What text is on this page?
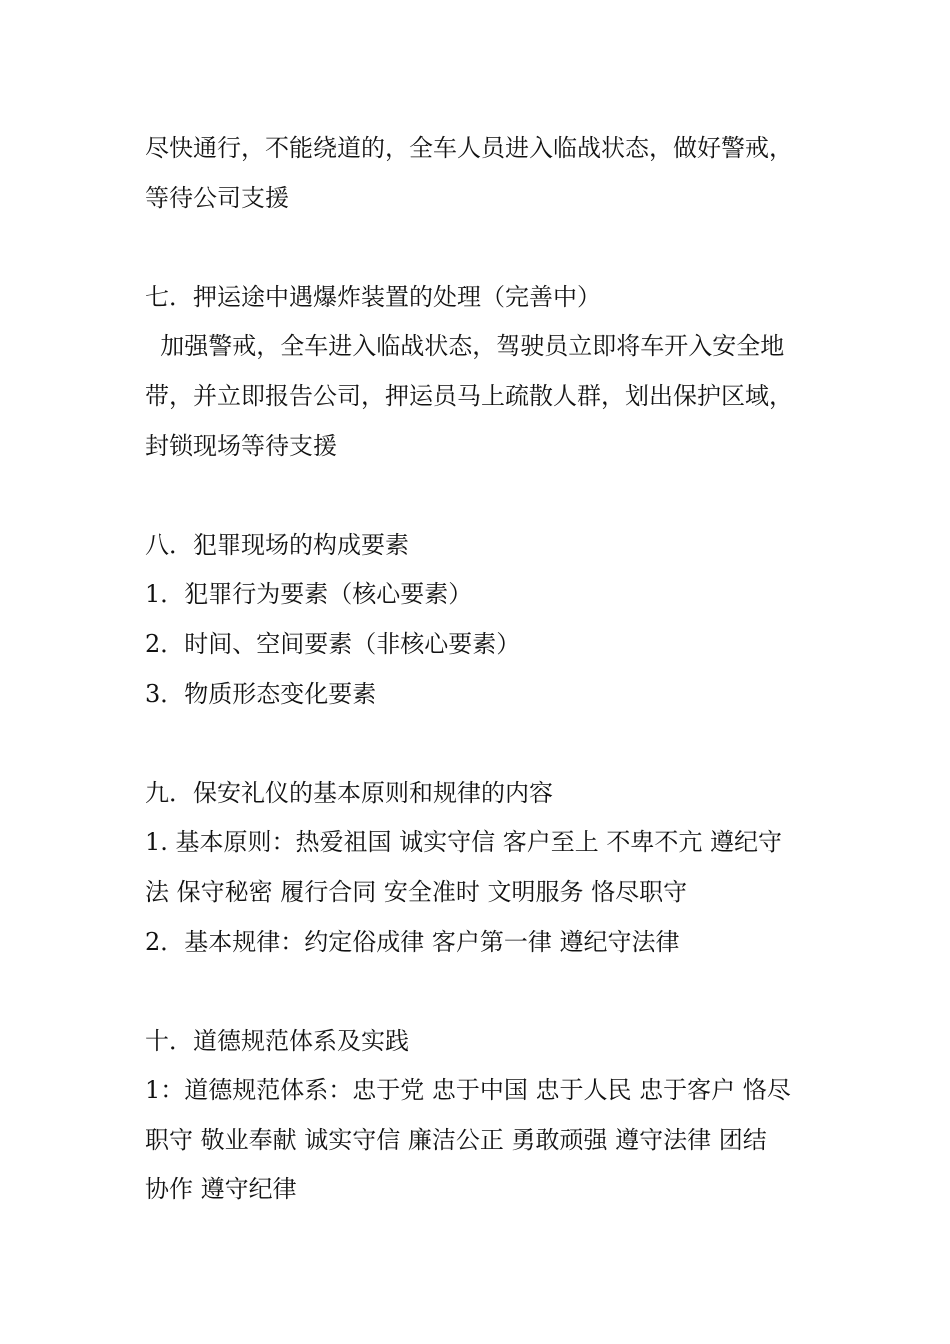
尽快通行，不能绕道的，全车人员进入临战状态，做好警戒，

等待公司支援

七．押运途中遇爆炸装置的处理（完善中）

加强警戒，全车进入临战状态，驾驶员立即将车开入安全地

带，并立即报告公司，押运员马上疏散人群，划出保护区域，

封锁现场等待支援

八．犯罪现场的构成要素

1．犯罪行为要素（核心要素）

2．时间、空间要素（非核心要素）

3．物质形态变化要素

九．保安礼仪的基本原则和规律的内容

1. 基本原则：热爱祖国 诚实守信 客户至上 不卑不亢 遵纪守

法 保守秘密 履行合同 安全准时 文明服务 恪尽职守

2．基本规律：约定俗成律 客户第一律 遵纪守法律

十．道德规范体系及实践

1：道德规范体系：忠于党 忠于中国 忠于人民 忠于客户 恪尽

职守 敬业奉献 诚实守信 廉洁公正 勇敢顽强 遵守法律 团结

协作 遵守纪律
